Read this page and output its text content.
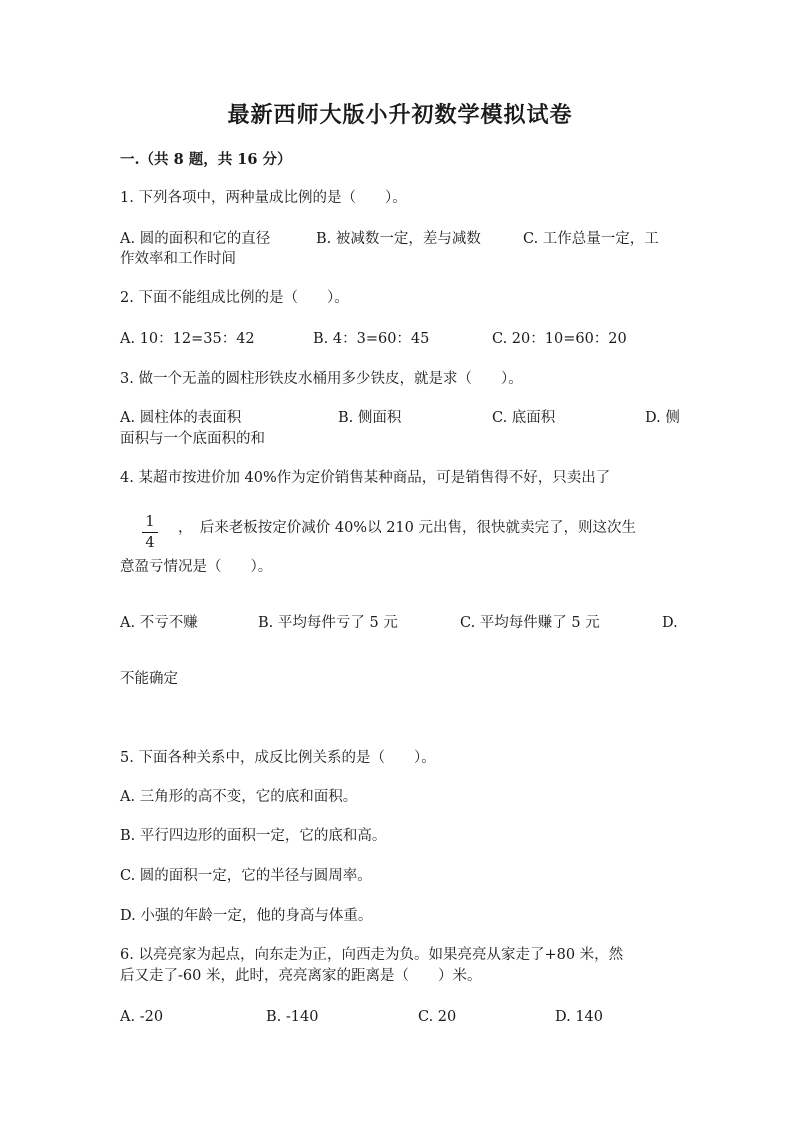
最新西师大版小升初数学模拟试卷
一.（共 8 题，共 16 分）
1. 下列各项中，两种量成比例的是（　　）。
A. 圆的面积和它的直径	B. 被减数一定，差与减数	C. 工作总量一定，工
作效率和工作时间
2. 下面不能组成比例的是（　　）。
A. 10：12=35：42	B. 4：3=60：45	C. 20：10=60：20
3. 做一个无盖的圆柱形铁皮水桶用多少铁皮，就是求（　　）。
A. 圆柱体的表面积	B. 侧面积	C. 底面积	D. 侧
面积与一个底面积的和
4. 某超市按进价加 40%作为定价销售某种商品，可是销售得不好，只卖出了
1
4
，　后来老板按定价减价 40%以 210 元出售，很快就卖完了，则这次生
意盈亏情况是（　　）。
A. 不亏不赚	B. 平均每件亏了 5 元	C. 平均每件赚了 5 元	D.
不能确定
5. 下面各种关系中，成反比例关系的是（　　）。
A. 三角形的高不变，它的底和面积。
B. 平行四边形的面积一定，它的底和高。
C. 圆的面积一定，它的半径与圆周率。
D. 小强的年龄一定，他的身高与体重。
6. 以亮亮家为起点，向东走为正，向西走为负。如果亮亮从家走了+80 米，然
后又走了-60 米，此时，亮亮离家的距离是（　　）米。
A. -20	B. -140	C. 20	D. 140
